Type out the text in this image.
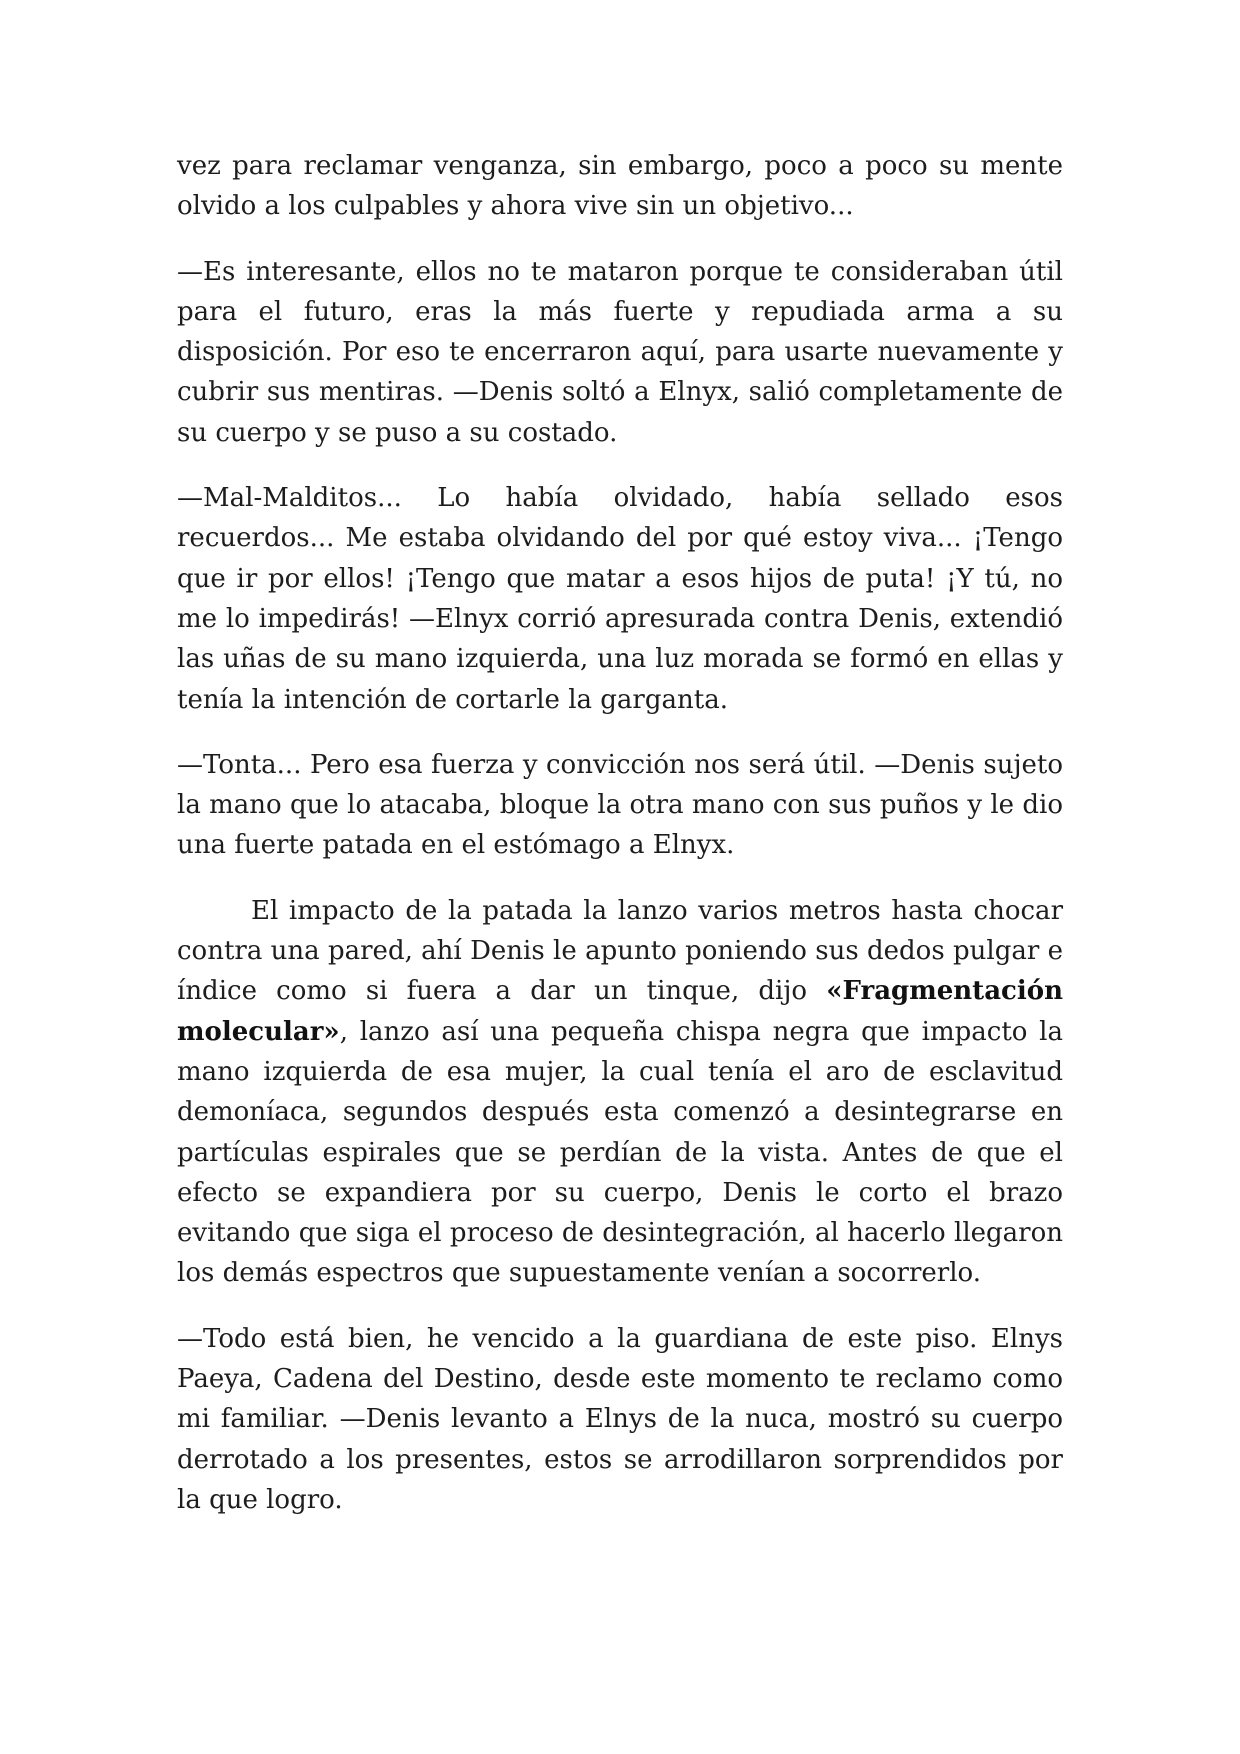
vez para reclamar venganza, sin embargo, poco a poco su mente olvido a los culpables y ahora vive sin un objetivo...

—Es interesante, ellos no te mataron porque te consideraban útil para el futuro, eras la más fuerte y repudiada arma a su disposición. Por eso te encerraron aquí, para usarte nuevamente y cubrir sus mentiras. —Denis soltó a Elnyx, salió completamente de su cuerpo y se puso a su costado.

—Mal-Malditos... Lo había olvidado, había sellado esos recuerdos... Me estaba olvidando del por qué estoy viva... ¡Tengo que ir por ellos! ¡Tengo que matar a esos hijos de puta! ¡Y tú, no me lo impedirás! —Elnyx corrió apresurada contra Denis, extendió las uñas de su mano izquierda, una luz morada se formó en ellas y tenía la intención de cortarle la garganta.

—Tonta... Pero esa fuerza y convicción nos será útil. —Denis sujeto la mano que lo atacaba, bloque la otra mano con sus puños y le dio una fuerte patada en el estómago a Elnyx.

El impacto de la patada la lanzo varios metros hasta chocar contra una pared, ahí Denis le apunto poniendo sus dedos pulgar e índice como si fuera a dar un tinque, dijo «Fragmentación molecular», lanzo así una pequeña chispa negra que impacto la mano izquierda de esa mujer, la cual tenía el aro de esclavitud demoníaca, segundos después esta comenzó a desintegrarse en partículas espirales que se perdían de la vista. Antes de que el efecto se expandiera por su cuerpo, Denis le corto el brazo evitando que siga el proceso de desintegración, al hacerlo llegaron los demás espectros que supuestamente venían a socorrerlo.

—Todo está bien, he vencido a la guardiana de este piso. Elnys Paeya, Cadena del Destino, desde este momento te reclamo como mi familiar. —Denis levanto a Elnys de la nuca, mostró su cuerpo derrotado a los presentes, estos se arrodillaron sorprendidos por la que logro.
